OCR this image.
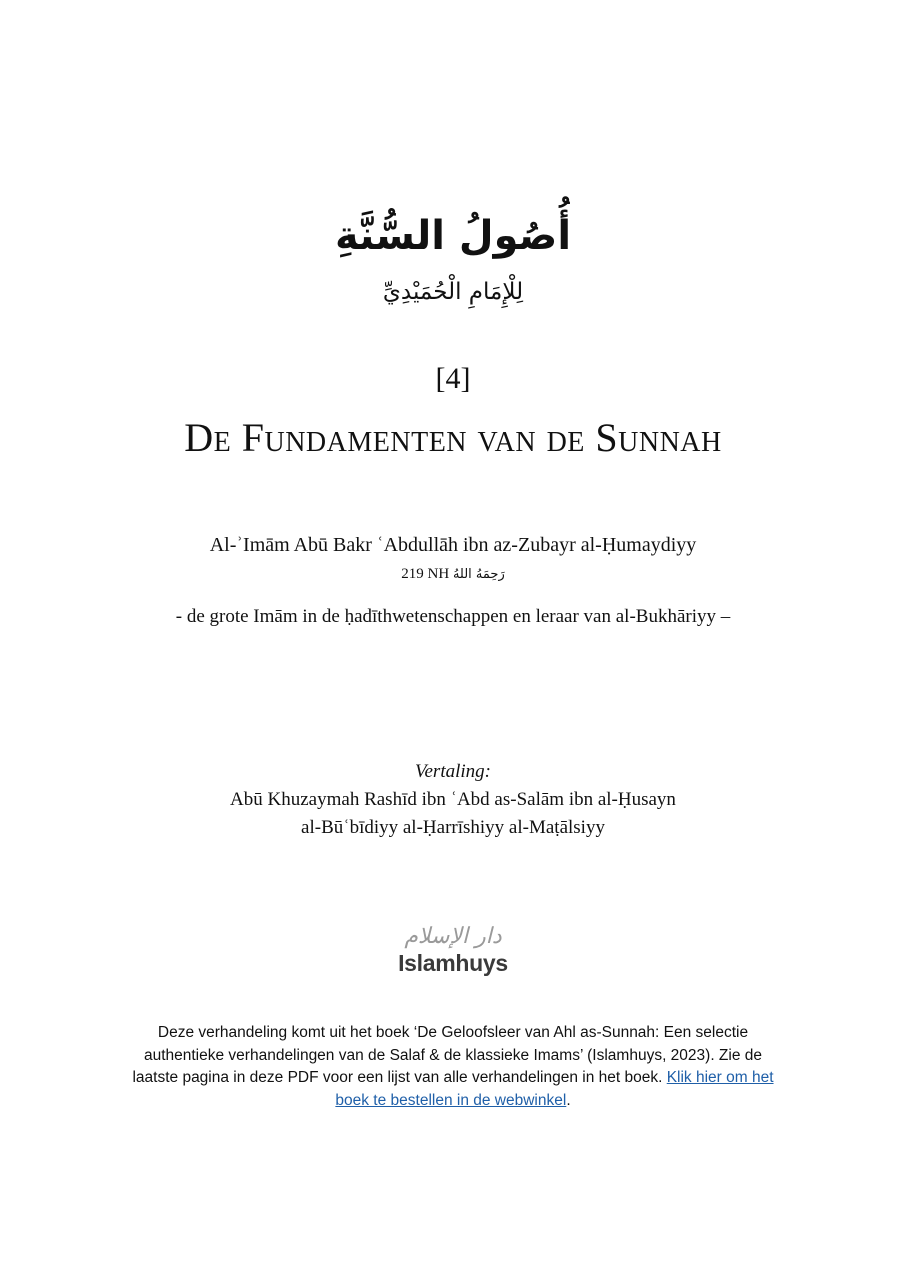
أُصُولُ السُّنَّةِ
لِلْإِمَامِ الْحُمَيْدِيِّ
[4]
De Fundamenten van de Sunnah
Al-ʾImām Abū Bakr ʿAbdullāh ibn az-Zubayr al-Ḥumaydiyy
219 NH رَحِمَهُ اللهُ
- de grote Imām in de ḥadīthwetenschappen en leraar van al-Bukhāriyy –
Vertaling:
Abū Khuzaymah Rashīd ibn ʿAbd as-Salām ibn al-Ḥusayn
al-Būʿbīdiyy al-Ḥarrīshiyy al-Maṭālsiyy
دار الإسلام
Islamhuys
Deze verhandeling komt uit het boek ‘De Geloofsleer van Ahl as-Sunnah: Een selectie authentieke verhandelingen van de Salaf & de klassieke Imams’ (Islamhuys, 2023). Zie de laatste pagina in deze PDF voor een lijst van alle verhandelingen in het boek. Klik hier om het boek te bestellen in de webwinkel.
